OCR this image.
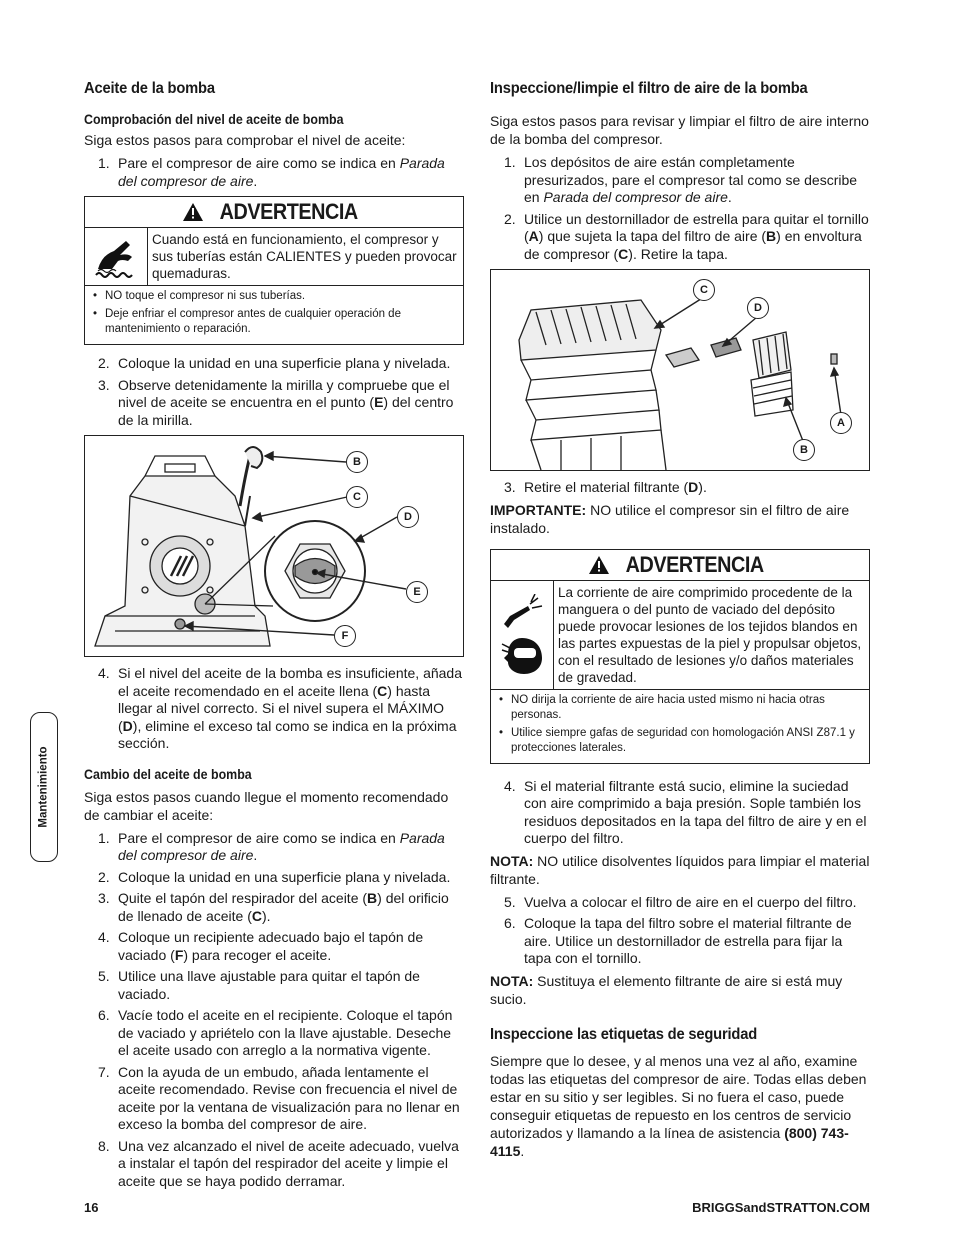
Aceite de la bomba
Comprobación del nivel de aceite de bomba

Siga estos pasos para comprobar el nivel de aceite:

1. Pare el compresor de aire como se indica en Parada del compresor de aire.
ADVERTENCIA
Cuando está en funcionamiento, el compresor y sus tuberías están CALIENTES y pueden provocar quemaduras.
• NO toque el compresor ni sus tuberías.
• Deje enfriar el compresor antes de cualquier operación de mantenimiento o reparación.
2. Coloque la unidad en una superficie plana y nivelada.
3. Observe detenidamente la mirilla y compruebe que el nivel de aceite se encuentra en el punto (E) del centro de la mirilla.
B
C
D
E
F
4. Si el nivel del aceite de la bomba es insuficiente, añada el aceite recomendado en el aceite llena (C) hasta llegar al nivel correcto. Si el nivel supera el MÁXIMO (D), elimine el exceso tal como se indica en la próxima sección.
Cambio del aceite de bomba

Siga estos pasos cuando llegue el momento recomendado de cambiar el aceite:

1. Pare el compresor de aire como se indica en Parada del compresor de aire.
2. Coloque la unidad en una superficie plana y nivelada.
3. Quite el tapón del respirador del aceite (B) del orificio de llenado de aceite (C).
4. Coloque un recipiente adecuado bajo el tapón de vaciado (F) para recoger el aceite.
5. Utilice una llave ajustable para quitar el tapón de vaciado.
6. Vacíe todo el aceite en el recipiente. Coloque el tapón de vaciado y apriételo con la llave ajustable. Deseche el aceite usado con arreglo a la normativa vigente.
7. Con la ayuda de un embudo, añada lentamente el aceite recomendado. Revise con frecuencia el nivel de aceite por la ventana de visualización para no llenar en exceso la bomba del compresor de aire.
8. Una vez alcanzado el nivel de aceite adecuado, vuelva a instalar el tapón del respirador del aceite y limpie el aceite que se haya podido derramar.
Inspeccione/limpie el filtro de aire de la bomba

Siga estos pasos para revisar y limpiar el filtro de aire interno de la bomba del compresor.

1. Los depósitos de aire están completamente presurizados, pare el compresor tal como se describe en Parada del compresor de aire.
2. Utilice un destornillador de estrella para quitar el tornillo (A) que sujeta la tapa del filtro de aire (B) en envoltura de compresor (C). Retire la tapa.
C
D
A
B
3. Retire el material filtrante (D).

IMPORTANTE: NO utilice el compresor sin el filtro de aire instalado.

ADVERTENCIA
La corriente de aire comprimido procedente de la manguera o del punto de vaciado del depósito puede provocar lesiones de los tejidos blandos en las partes expuestas de la piel y propulsar objetos, con el resultado de lesiones y/o daños materiales de gravedad.
• NO dirija la corriente de aire hacia usted mismo ni hacia otras personas.
• Utilice siempre gafas de seguridad con homologación ANSI Z87.1 y protecciones laterales.
4. Si el material filtrante está sucio, elimine la suciedad con aire comprimido a baja presión. Sople también los residuos depositados en la tapa del filtro de aire y en el cuerpo del filtro.

NOTA: NO utilice disolventes líquidos para limpiar el material filtrante.

5. Vuelva a colocar el filtro de aire en el cuerpo del filtro.
6. Coloque la tapa del filtro sobre el material filtrante de aire. Utilice un destornillador de estrella para fijar la tapa con el tornillo.

NOTA: Sustituya el elemento filtrante de aire si está muy sucio.

Inspeccione las etiquetas de seguridad

Siempre que lo desee, y al menos una vez al año, examine todas las etiquetas del compresor de aire. Todas ellas deben estar en su sitio y ser legibles. Si no fuera el caso, puede conseguir etiquetas de repuesto en los centros de servicio autorizados y llamando a la línea de asistencia (800) 743-4115.

Mantenimiento
16	BRIGGSandSTRATTON.COM
